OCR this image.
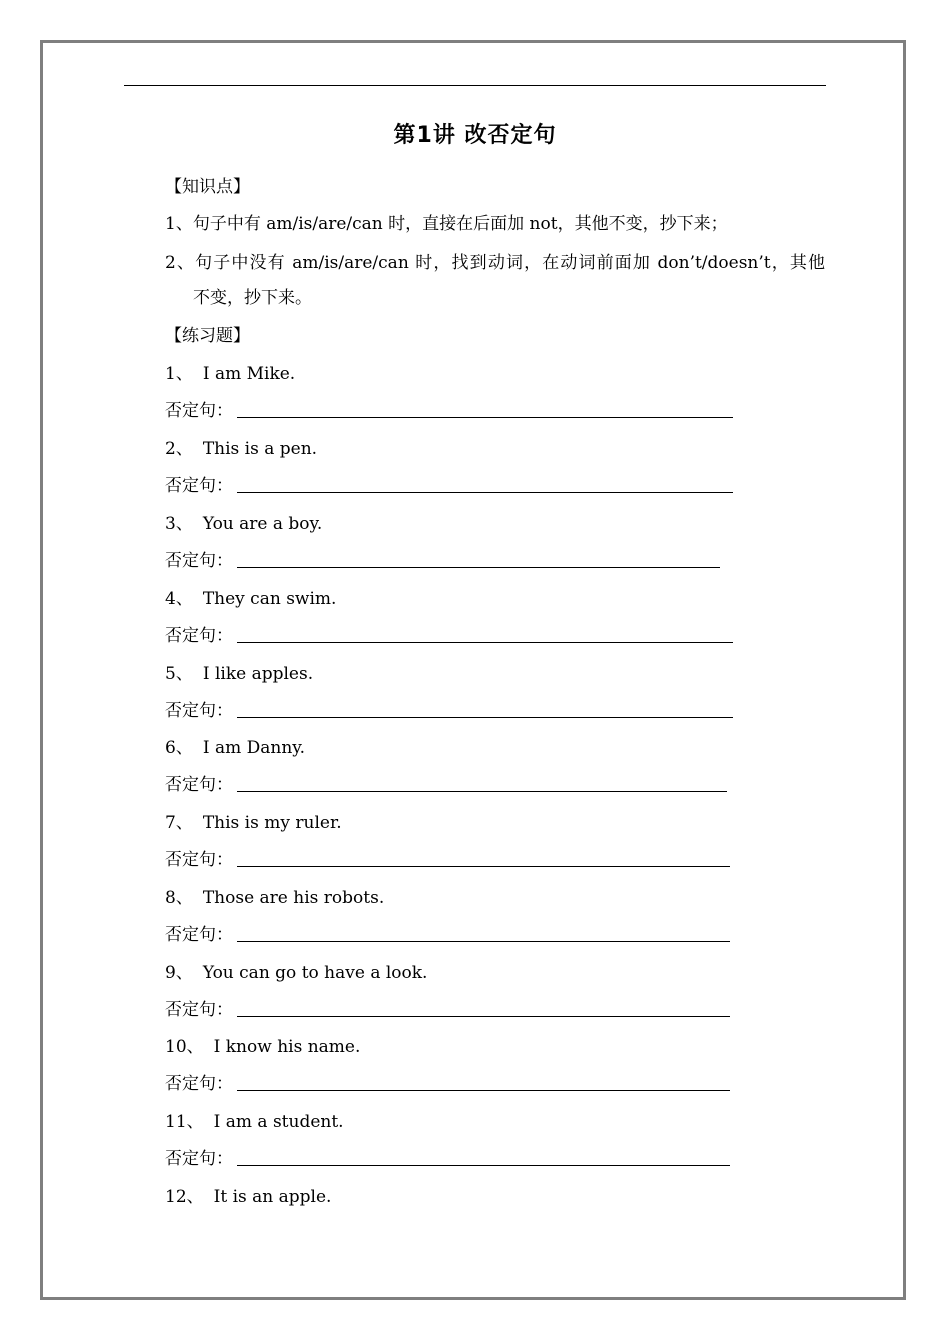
第1讲 改否定句
【知识点】
1、句子中有 am/is/are/can 时，直接在后面加 not，其他不变，抄下来；
2、句子中没有 am/is/are/can 时，找到动词，在动词前面加 don’t/doesn’t，其他
不变，抄下来。
【练习题】
1、 I am Mike.
否定句：
2、 This is a pen.
否定句：
3、 You are a boy.
否定句：
4、 They can swim.
否定句：
5、 I like apples.
否定句：
6、 I am Danny.
否定句：
7、 This is my ruler.
否定句：
8、 Those are his robots.
否定句：
9、 You can go to have a look.
否定句：
10、 I know his name.
否定句：
11、 I am a student.
否定句：
12、 It is an apple.
